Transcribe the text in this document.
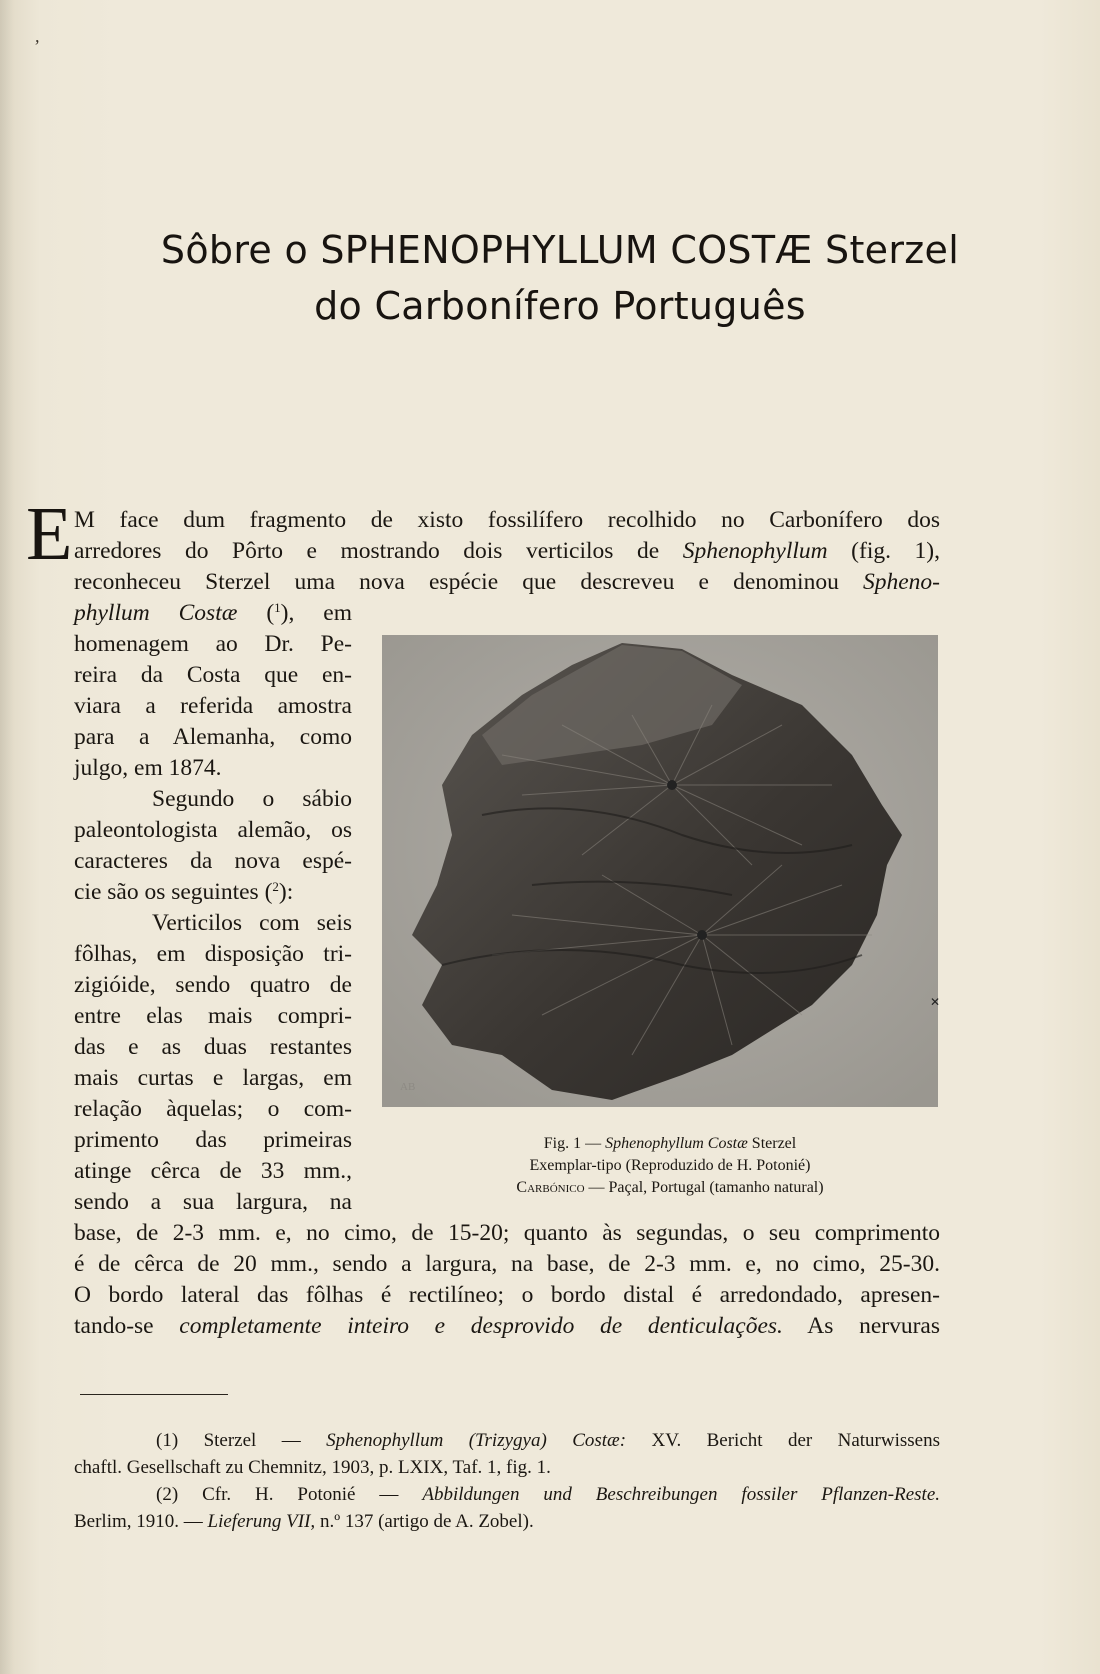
,
Sôbre o SPHENOPHYLLUM COSTÆ Sterzel
do Carbonífero Português
E M face dum fragmento de xisto fossilífero recolhido no Carbonífero dos
arredores do Pôrto e mostrando dois verticilos de Sphenophyllum (fig. 1),
reconheceu Sterzel uma nova espécie que descreveu e denominou Spheno-
phyllum Costæ ($^1$), em
homenagem ao Dr. Pe-
reira da Costa que en-
viara a referida amostra
para a Alemanha, como
julgo, em 1874.
Segundo o sábio
paleontologista alemão, os
caracteres da nova espé-
cie são os seguintes ($^2$):
Verticilos com seis
fôlhas, em disposição tri-
zigióide, sendo quatro de
entre elas mais compri-
das e as duas restantes
mais curtas e largas, em
relação àquelas; o com-
primento das primeiras
atinge cêrca de 33 mm.,
sendo a sua largura, na
base, de 2-3 mm. e, no cimo, de 15-20; quanto às segundas, o seu comprimento
é de cêrca de 20 mm., sendo a largura, na base, de 2-3 mm. e, no cimo, 25-30.
O bordo lateral das fôlhas é rectilíneo; o bordo distal é arredondado, apresen-
tando-se completamente inteiro e desprovido de denticulações. As nervuras
AB
✕
Fig. 1 — Sphenophyllum Costæ Sterzel
Exemplar-tipo (Reproduzido de H. Potonié)
Carbónico — Paçal, Portugal (tamanho natural)
(1) Sterzel — Sphenophyllum (Trizygya) Costæ: XV. Bericht der Naturwissens
chaftl. Gesellschaft zu Chemnitz, 1903, p. LXIX, Taf. 1, fig. 1.
(2) Cfr. H. Potonié — Abbildungen und Beschreibungen fossiler Pflanzen-Reste.
Berlim, 1910. — Lieferung VII, n.º 137 (artigo de A. Zobel).
